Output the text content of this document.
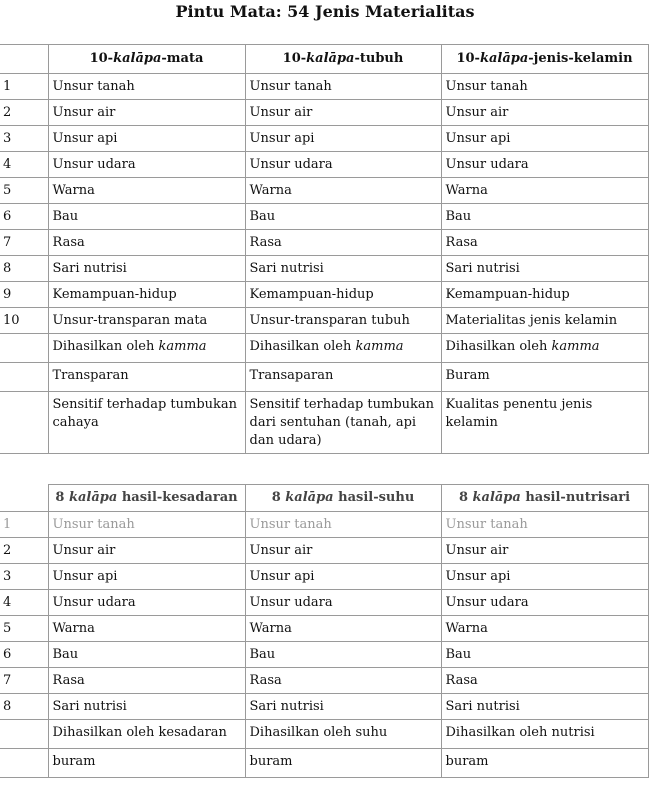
Pintu Mata: 54 Jenis Materialitas
	10-kalāpa-mata	10-kalāpa-tubuh	10-kalāpa-jenis-kelamin
1	Unsur tanah	Unsur tanah	Unsur tanah
2	Unsur air	Unsur air	Unsur air
3	Unsur api	Unsur api	Unsur api
4	Unsur udara	Unsur udara	Unsur udara
5	Warna	Warna	Warna
6	Bau	Bau	Bau
7	Rasa	Rasa	Rasa
8	Sari nutrisi	Sari nutrisi	Sari nutrisi
9	Kemampuan-hidup	Kemampuan-hidup	Kemampuan-hidup
10	Unsur-transparan mata	Unsur-transparan tubuh	Materialitas jenis kelamin
	Dihasilkan oleh kamma	Dihasilkan oleh kamma	Dihasilkan oleh kamma
	Transparan	Transaparan	Buram
	Sensitif terhadap tumbukan cahaya	Sensitif terhadap tumbukan dari sentuhan (tanah, api dan udara)	Kualitas penentu jenis kelamin
	8 kalāpa hasil-kesadaran	8 kalāpa hasil-suhu	8 kalāpa hasil-nutrisari
1	Unsur tanah	Unsur tanah	Unsur tanah
2	Unsur air	Unsur air	Unsur air
3	Unsur api	Unsur api	Unsur api
4	Unsur udara	Unsur udara	Unsur udara
5	Warna	Warna	Warna
6	Bau	Bau	Bau
7	Rasa	Rasa	Rasa
8	Sari nutrisi	Sari nutrisi	Sari nutrisi
	Dihasilkan oleh kesadaran	Dihasilkan oleh suhu	Dihasilkan oleh nutrisi
	buram	buram	buram
